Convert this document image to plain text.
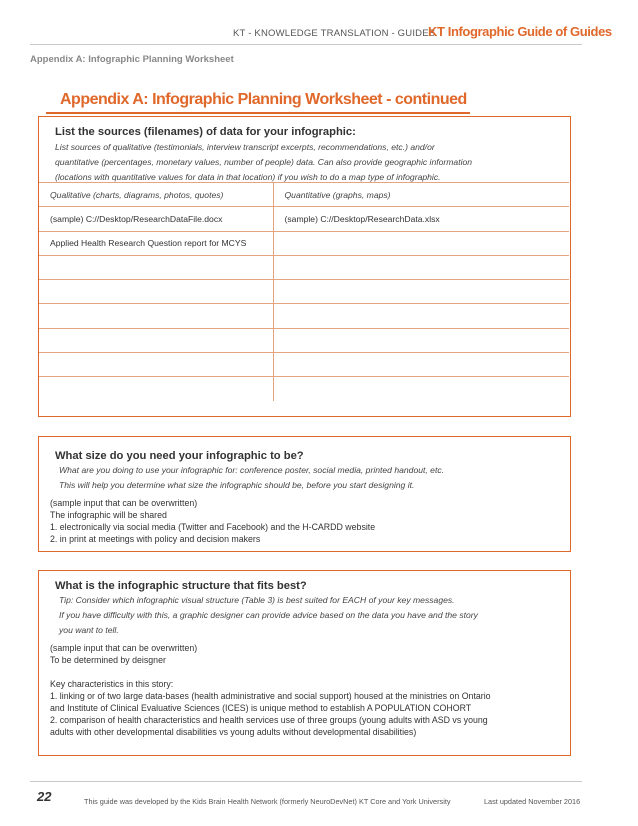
KT - KNOWLEDGE TRANSLATION - GUIDES
KT Infographic Guide of Guides
Appendix A: Infographic Planning Worksheet
Appendix A: Infographic Planning Worksheet - continued
List the sources (filenames) of data for your infographic:
List sources of qualitative (testimonials, interview transcript excerpts, recommendations, etc.) and/or
quantitative (percentages, monetary values, number of people) data. Can also provide geographic information
(locations with quantitative values for data in that location) if you wish to do a map type of infographic.
Qualitative (charts, diagrams, photos, quotes)	Quantitative (graphs, maps)
(sample) C://Desktop/ResearchDataFile.docx	(sample) C://Desktop/ResearchData.xlsx
Applied Health Research Question report for MCYS	

What size do you need your infographic to be?
What are you doing to use your infographic for: conference poster, social media, printed handout, etc.
This will help you determine what size the infographic should be, before you start designing it.
(sample input that can be overwritten)
The infographic will be shared
1. electronically via social media (Twitter and Facebook) and the H-CARDD website
2. in print at meetings with policy and decision makers
What is the infographic structure that fits best?
Tip: Consider which infographic visual structure (Table 3) is best suited for EACH of your key messages.
If you have difficulty with this, a graphic designer can provide advice based on the data you have and the story
you want to tell.
(sample input that can be overwritten)
To be determined by deisgner
Key characteristics in this story:
1. linking or of two large data-bases (health administrative and social support) housed at the ministries on Ontario
and Institute of Clinical Evaluative Sciences (ICES) is unique method to establish A POPULATION COHORT
2. comparison of health characteristics and health services use of three groups (young adults with ASD vs young
adults with other developmental disabilities vs young adults without developmental disabilities)
22	This guide was developed by the Kids Brain Health Network (formerly NeuroDevNet) KT Core and York University	Last updated November 2016
